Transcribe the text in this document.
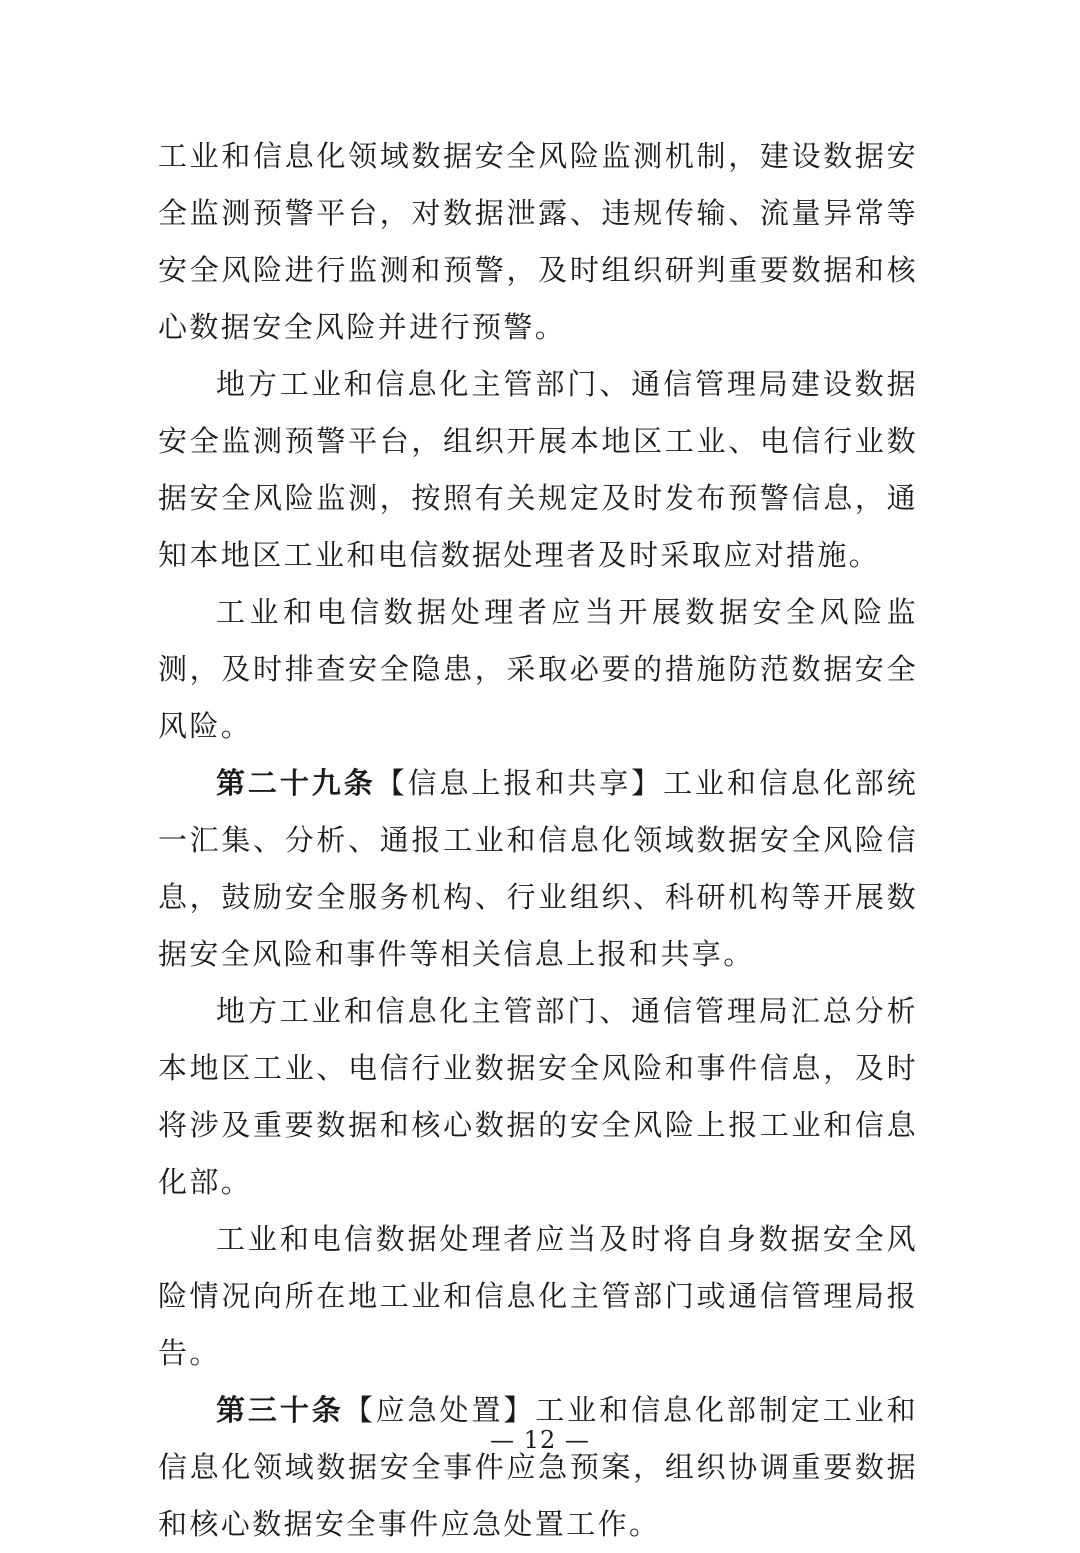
工业和信息化领域数据安全风险监测机制，建设数据安全监测预警平台，对数据泄露、违规传输、流量异常等安全风险进行监测和预警，及时组织研判重要数据和核心数据安全风险并进行预警。

地方工业和信息化主管部门、通信管理局建设数据安全监测预警平台，组织开展本地区工业、电信行业数据安全风险监测，按照有关规定及时发布预警信息，通知本地区工业和电信数据处理者及时采取应对措施。

工业和电信数据处理者应当开展数据安全风险监测，及时排查安全隐患，采取必要的措施防范数据安全风险。

第二十九条【信息上报和共享】工业和信息化部统一汇集、分析、通报工业和信息化领域数据安全风险信息，鼓励安全服务机构、行业组织、科研机构等开展数据安全风险和事件等相关信息上报和共享。

地方工业和信息化主管部门、通信管理局汇总分析本地区工业、电信行业数据安全风险和事件信息，及时将涉及重要数据和核心数据的安全风险上报工业和信息化部。

工业和电信数据处理者应当及时将自身数据安全风险情况向所在地工业和信息化主管部门或通信管理局报告。

第三十条【应急处置】工业和信息化部制定工业和信息化领域数据安全事件应急预案，组织协调重要数据和核心数据安全事件应急处置工作。

— 12 —
